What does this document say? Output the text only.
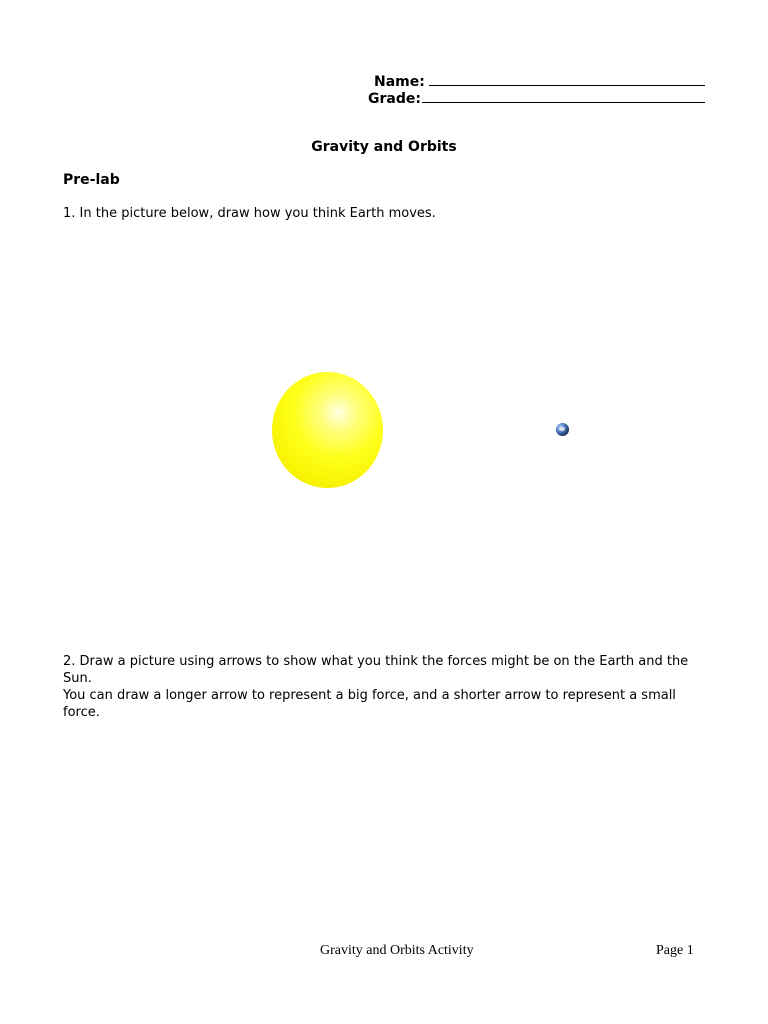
Name:
Grade:
Gravity and Orbits
Pre-lab
1. In the picture below, draw how you think Earth moves.

2. Draw a picture using arrows to show what you think the forces might be on the Earth and the Sun.

You can draw a longer arrow to represent a big force, and a shorter arrow to represent a small force.

Gravity and Orbits Activity	Page 1
